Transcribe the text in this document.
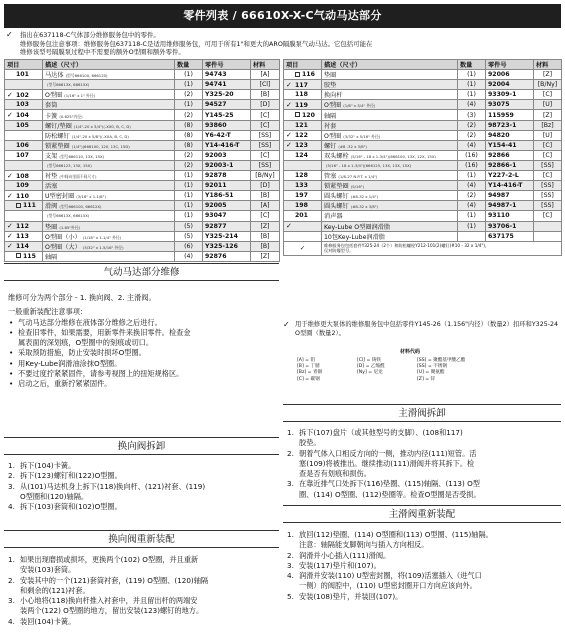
零件列表 / 66610X-X-C气动马达部分
✓ 指出在637118-C气体部分维修服务包中的零件。
维修服务包注意事项：维修服务包637118-C是适用维修服务包，可用于所有1"和更大的ARO隔膜泵气动马达。它包括可能在
维修该型号隔膜泵过程中不需要的额外O型圈和额外零件。
项目	描述（尺寸）	数量	零件号	材料
101	马达体 (型号666100, 666120)	(1)	94743	[A]
	(型号66613X, 66615X)	(1)	94741	[Cl]
✓ 102	O型圈 (1/16" x 1" 外径)	(2)	Y325-20	[B]
103	套筒	(1)	94527	[D]
✓ 104	卡簧 (0.625"内径)	(2)	Y145-25	[C]
105	螺钉/垫圈 (1/4"-20 x 3/4")(-XX0, B, C, D)	(8)	93860	[C]
	防松螺钉 (1/4"-20 x 5/8")(-XXA, B, C, D)	(8)	Y6-42-T	[SS]
106	锁紧垫圈 (1/4")(666100, 120, 13C, 15D)	(8)	Y14-416-T	[SS]
107	支架 (型号666110, 13X, 15X)	(2)	92003	[C]
	(型号666123, 13X, 15X)	(2)	92003-1	[SS]
✓ 108	衬垫 (中间向里面不同尺寸)	(1)	92878	[B/Ny]
109	活塞	(1)	92011	[D]
✓ 110	U型密封圈 (3/16" x 1-1/8")	(1)	Y186-51	[B]
111	滑阀 (型号666100, 66612X)	(1)	92005	[A]
	(型号66613X, 66615X)	(1)	93047	[C]
✓ 112	垫圈 (1.65"外径)	(5)	92877	[Z]
✓ 113	O型圈（小） (1/16" x 1-1/4" 外径)	(5)	Y325-214	[B]
✓ 114	O型圈（大） (3/32" x 1-5/16" 外径)	(6)	Y325-126	[B]
115	轴隔	(4)	92876	[Z]
项目	描述（尺寸）	数量	零件号	材料
116	垫圈	(1)	92006	[Z]
✓ 117	胶垫	(1)	92004	[B/Ny]
118	换向杆	(1)	93309-1	[C]
✓ 119	O型圈 (1/8" x 3/4" 外径)	(4)	93075	[U]
120	轴隔	(3)	115959	[Z]
121	衬套	(2)	98723-1	[Bz]
✓ 122	O型圈 (3/32" x 5/16" 外径)	(2)	94820	[U]
✓ 123	螺钉 (#8 -32 x 3/8")	(4)	Y154-41	[C]
124	双头螺栓 (5/16" - 18 x 1-3/4")(666100, 13X, 12X, 15X)	(16)	92866	[C]
	(5/16" - 18 x 1-3/4")(666125, 13X, 13X, 15X)	(16)	92866-1	[SS]
128	管塞 (1/8-27 N.P.T. x 1/4")	(1)	Y227-2-L	[C]
133	锁紧垫圈 (5/16")	(4)	Y14-416-T	[SS]
197	圆头螺钉 (#8-32 x 1/4")	(2)	94987	[SS]
198	圆头螺钉 (#8-32 x 3/8")	(4)	94987-1	[SS]
201	消声器	(1)	93110	[C]
✓	Key-Lube O型圈润滑脂	(1)	93706-1	
	10包Key-Lube润滑脂		637175	
✓	维修服务包包括套件Y325-24（2个）和防松螺栓Y212-101(2)螺钉(#10 - 32 x 1/4")，
仅对防爆型号。			
✓ 用于维修更大泵体的维修服务包中包括零件Y145-26（1.156"内径）（数量2）扣环和Y325-24 O型圈（数量2）。
材料代码
[A] = 铝	[Cl] = 铸铁	[SS] = 聚酯基甲酸乙酯
[B] = 丁腈	[D] = 乙缩醛	[SS] = 不锈钢
[Bz] = 青铜	[Ny] = 尼龙	[U] = 聚氨酯
[C] = 碳钢	[Z] = 锌
气动马达部分维修
维修可分为两个部分 - 1. 换向阀、2. 主滑阀。
一般重新装配注意事项：
• 气动马达部分维修在液体部分维修之后进行。
• 检查旧零件，如果需要，用新零件来换旧零件。检查金
属表面的深划痕，O型圈中的刻痕或切口。
• 采取预防措施，防止安装时损坏O型圈。
• 用Key-Lube润滑油涂抹O型圈。
• 不要过度拧紧紧固件，请参考视图上的扭矩规格区。
• 启动之后，重新拧紧紧固件。
换向阀拆卸
1. 拆下(104)卡簧。
2. 拆下(123)螺钉和(122)O型圈。
3. 从(101)马达机身上拆下(118)换向杆、(121)衬套、(119)
O型圈和(120)轴隔。
4. 拆下(103)套筒和(102)O型圈。
换向阀重新装配
1. 如果出现磨损或损坏，更换两个(102) O型圈，并且重新
安装(103)套筒。
2. 安装其中的一个(121)套筒衬套，(119) O型圈、(120)轴隔
和剩余的(121)衬套。
3. 小心地将(118)换向杆推入衬套中，并且留出杆的两端安
装两个(122) O型圈的地方，留出安装(123)螺钉的地方。
4. 装回(104)卡簧。
主滑阀拆卸
1. 拆下(107)盘片（或其他型号的支脚）、(108和117)
胶垫。
2. 朝着气体入口相反方向的一侧，推动内径(111)短管。活
塞(109)将被推出。继续推动(111)滑阀并将其拆下。检
查是否有划痕和损伤。
3. 在靠近排气口处拆下(116)垫圈、(115)轴隔、(113) O型
圈、(114) O型圈、(112)垫圈等。检查O型圈是否受损。
主滑阀重新装配
1. 放回(112)垫圈、(114) O型圈和(113) O型圈、(115)轴隔。
注意：轴隔能支脚朝向与插入方向相反。
2. 润滑并小心插入(111)滑阀。
3. 安装(117)垫片和(107)。
4. 润滑并安装(110) U型密封圈，将(109)活塞插入（进气口
一侧）的阀腔中，(110) U型密封圈开口方向应该向外。
5. 安装(108)垫片，并装回(107)。
